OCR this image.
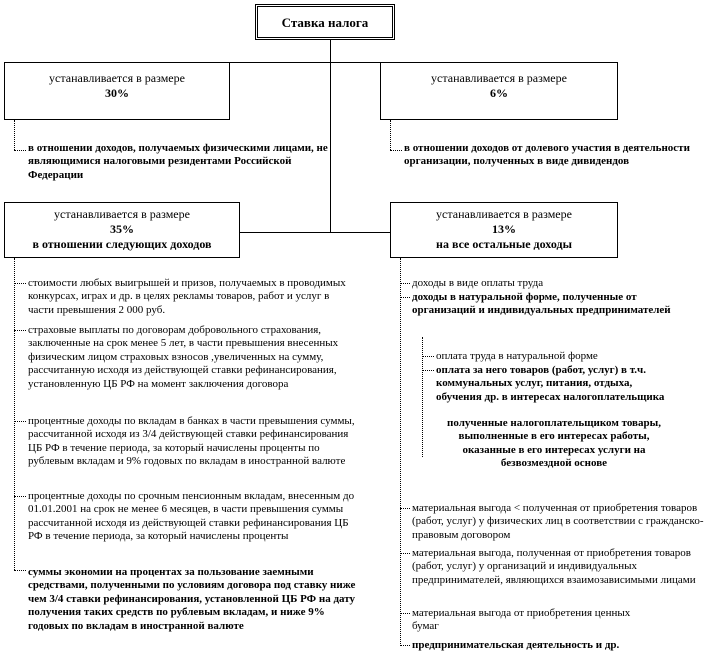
Ставка налога
устанавливается в размере
30%
в отношении доходов, получаемых физическими лицами, не являющимися налоговыми резидентами Российской Федерации
устанавливается в размере
6%
в отношении доходов от долевого участия в деятельности организации, полученных в виде дивидендов
устанавливается в размере
35%
в отношении следующих доходов
стоимости любых выигрышей и призов, получаемых в проводимых конкурсах, играх и др. в целях рекламы товаров, работ и услуг в части превышения 2 000 руб.
страховые выплаты по договорам добровольного страхования, заключенные на срок менее 5 лет, в части превышения внесенных физическим лицом страховых взносов ,увеличенных на сумму, рассчитанную исходя из действующей ставки рефинансирования, установленную ЦБ РФ на момент заключения договора
процентные доходы по вкладам в банках в части превышения суммы, рассчитанной исходя из 3/4 действующей ставки рефинансирования ЦБ РФ в течение периода, за который начислены проценты по рублевым вкладам и 9% годовых по вкладам в иностранной валюте
процентные доходы по срочным пенсионным вкладам, внесенным до 01.01.2001 на срок не менее 6 месяцев, в части превышения суммы рассчитанной исходя из действующей ставки рефинансирования ЦБ РФ в течение периода, за который начислены проценты
суммы экономии на процентах за пользование заемными средствами, полученными по условиям договора под ставку ниже чем 3/4 ставки рефинансирования, установленной ЦБ РФ на дату получения таких средств по рублевым вкладам, и ниже 9% годовых по вкладам в иностранной валюте
устанавливается в размере
13%
на все остальные доходы
доходы в виде оплаты труда
доходы в натуральной форме, полученные от организаций и индивидуальных предпринимателей
оплата труда в натуральной форме
оплата за него товаров (работ, услуг) в т.ч. коммунальных услуг, питания, отдыха, обучения др. в интересах налогоплательщика
полученные налогоплательщиком товары, выполненные в его интересах работы, оказанные в его интересах услуги на безвозмездной основе
материальная выгода < полученная от приобретения товаров (работ, услуг) у физических лиц в соответствии с гражданско-правовым договором
материальная выгода, полученная от приобретения товаров (работ, услуг) у организаций и индивидуальных предпринимателей, являющихся взаимозависимыми лицами
материальная выгода от приобретения ценных бумаг
предпринимательская деятельность и др.
